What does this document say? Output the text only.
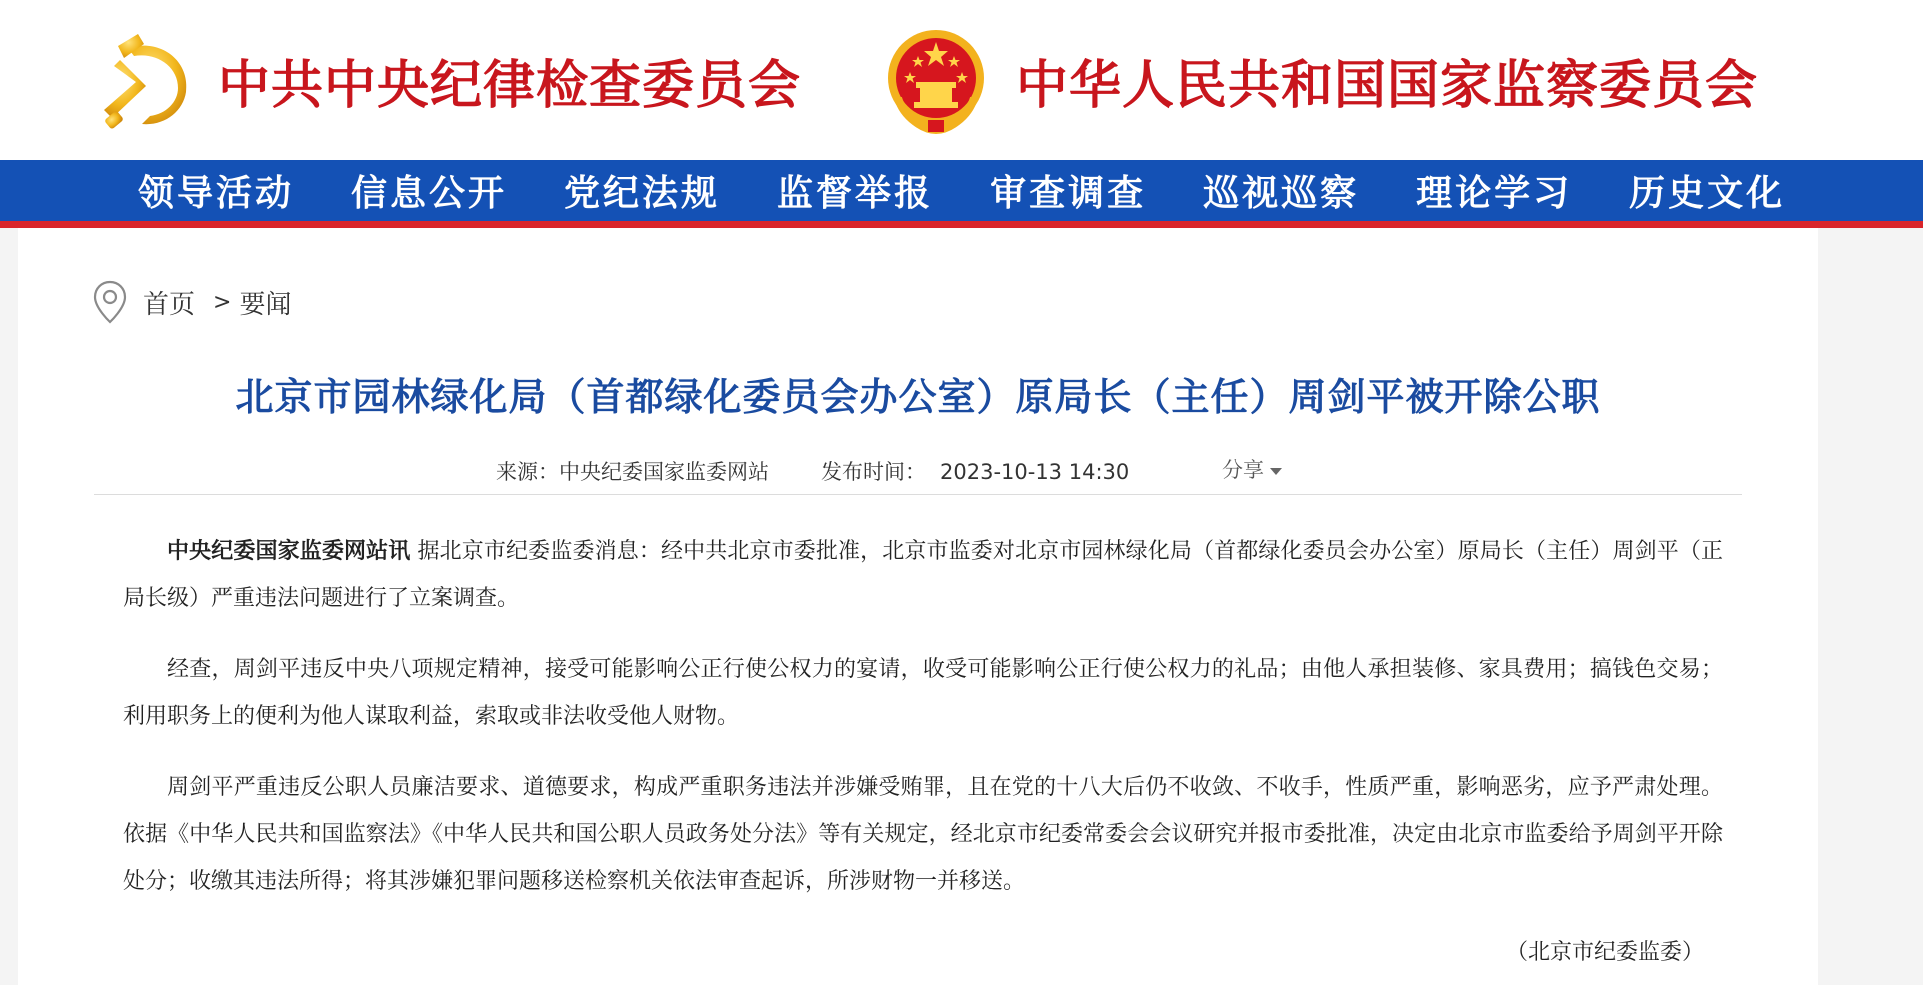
中共中央纪律检查委员会	中华人民共和国国家监察委员会
领导活动 信息公开 党纪法规 监督举报 审查调查 巡视巡察 理论学习 历史文化
首页 > 要闻
北京市园林绿化局（首都绿化委员会办公室）原局长（主任）周剑平被开除公职
来源：中央纪委国家监委网站 发布时间： 2023-10-13 14:30	分享

中央纪委国家监委网站讯 据北京市纪委监委消息：经中共北京市委批准，北京市监委对北京市园林绿化局（首都绿化委员会办公室）原局长（主任）周剑平（正局长级）严重违法问题进行了立案调查。

经查，周剑平违反中央八项规定精神，接受可能影响公正行使公权力的宴请，收受可能影响公正行使公权力的礼品；由他人承担装修、家具费用；搞钱色交易；利用职务上的便利为他人谋取利益，索取或非法收受他人财物。

周剑平严重违反公职人员廉洁要求、道德要求，构成严重职务违法并涉嫌受贿罪，且在党的十八大后仍不收敛、不收手，性质严重，影响恶劣，应予严肃处理。依据《中华人民共和国监察法》《中华人民共和国公职人员政务处分法》等有关规定，经北京市纪委常委会会议研究并报市委批准，决定由北京市监委给予周剑平开除处分；收缴其违法所得；将其涉嫌犯罪问题移送检察机关依法审查起诉，所涉财物一并移送。

（北京市纪委监委）
